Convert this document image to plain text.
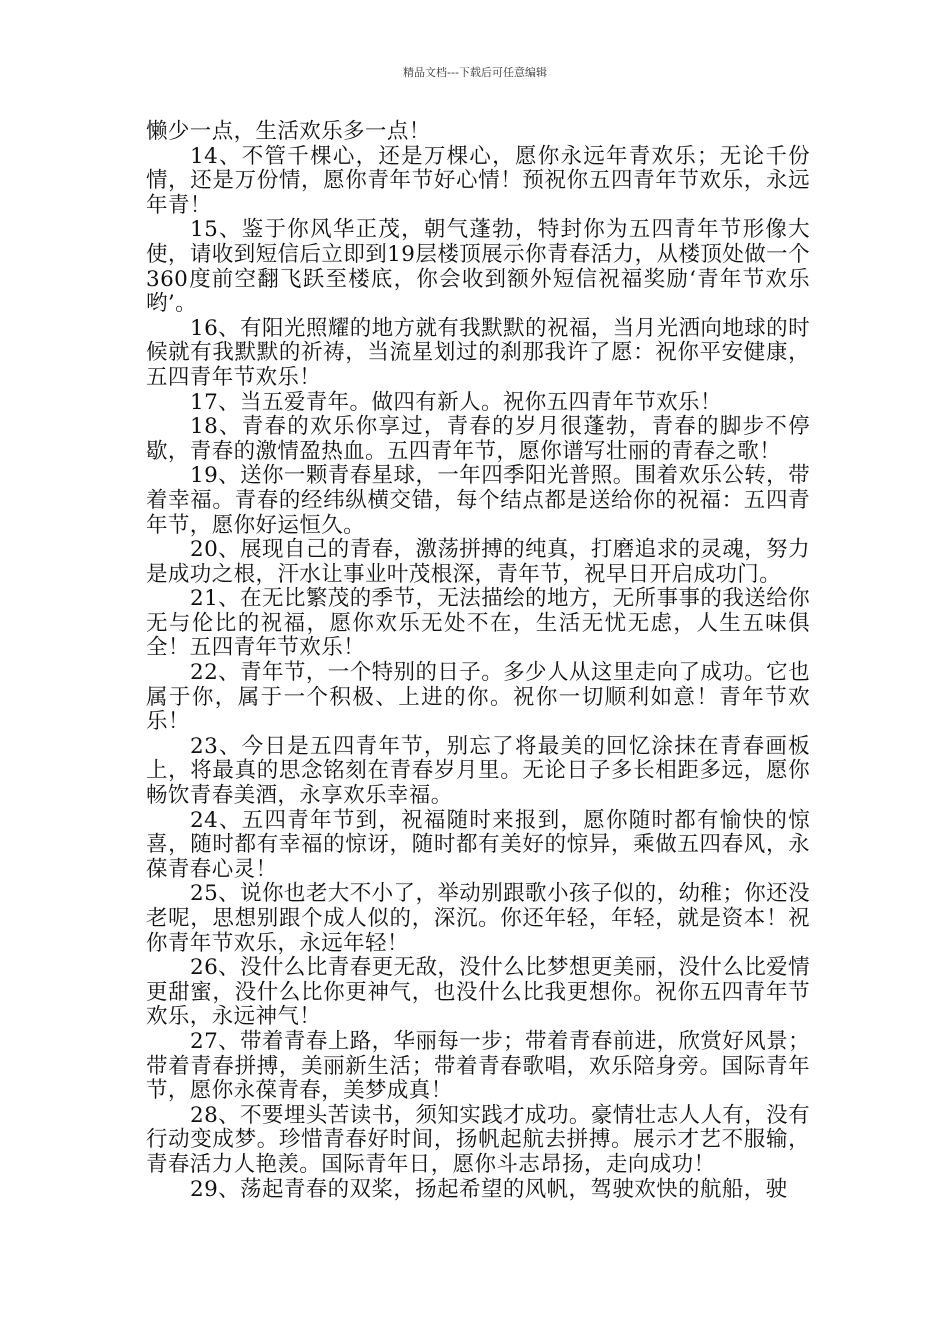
精品文档---下载后可任意编辑

懒少一点，生活欢乐多一点！

14、不管千棵心，还是万棵心，愿你永远年青欢乐；无论千份情，还是万份情，愿你青年节好心情！预祝你五四青年节欢乐，永远年青！

15、鉴于你风华正茂，朝气蓬勃，特封你为五四青年节形像大使，请收到短信后立即到19层楼顶展示你青春活力，从楼顶处做一个360度前空翻飞跃至楼底，你会收到额外短信祝福奖励‘青年节欢乐哟’。

16、有阳光照耀的地方就有我默默的祝福，当月光洒向地球的时候就有我默默的祈祷，当流星划过的刹那我许了愿：祝你平安健康，五四青年节欢乐！

17、当五爱青年。做四有新人。祝你五四青年节欢乐！

18、青春的欢乐你享过，青春的岁月很蓬勃，青春的脚步不停歇，青春的激情盈热血。五四青年节，愿你谱写壮丽的青春之歌！

19、送你一颗青春星球，一年四季阳光普照。围着欢乐公转，带着幸福。青春的经纬纵横交错，每个结点都是送给你的祝福：五四青年节，愿你好运恒久。

20、展现自己的青春，激荡拼搏的纯真，打磨追求的灵魂，努力是成功之根，汗水让事业叶茂根深，青年节，祝早日开启成功门。

21、在无比繁茂的季节，无法描绘的地方，无所事事的我送给你无与伦比的祝福，愿你欢乐无处不在，生活无忧无虑，人生五味俱全！五四青年节欢乐！

22、青年节，一个特别的日子。多少人从这里走向了成功。它也属于你，属于一个积极、上进的你。祝你一切顺利如意！青年节欢乐！

23、今日是五四青年节，别忘了将最美的回忆涂抹在青春画板上，将最真的思念铭刻在青春岁月里。无论日子多长相距多远，愿你畅饮青春美酒，永享欢乐幸福。

24、五四青年节到，祝福随时来报到，愿你随时都有愉快的惊喜，随时都有幸福的惊讶，随时都有美好的惊异，乘做五四春风，永葆青春心灵！

25、说你也老大不小了，举动别跟歌小孩子似的，幼稚；你还没老呢，思想别跟个成人似的，深沉。你还年轻，年轻，就是资本！祝你青年节欢乐，永远年轻！

26、没什么比青春更无敌，没什么比梦想更美丽，没什么比爱情更甜蜜，没什么比你更神气，也没什么比我更想你。祝你五四青年节欢乐，永远神气！

27、带着青春上路，华丽每一步；带着青春前进，欣赏好风景；带着青春拼搏，美丽新生活；带着青春歌唱，欢乐陪身旁。国际青年节，愿你永葆青春，美梦成真！

28、不要埋头苦读书，须知实践才成功。豪情壮志人人有，没有行动变成梦。珍惜青春好时间，扬帆起航去拼搏。展示才艺不服输，青春活力人艳羡。国际青年日，愿你斗志昂扬，走向成功！

29、荡起青春的双桨，扬起希望的风帆，驾驶欢快的航船，驶
